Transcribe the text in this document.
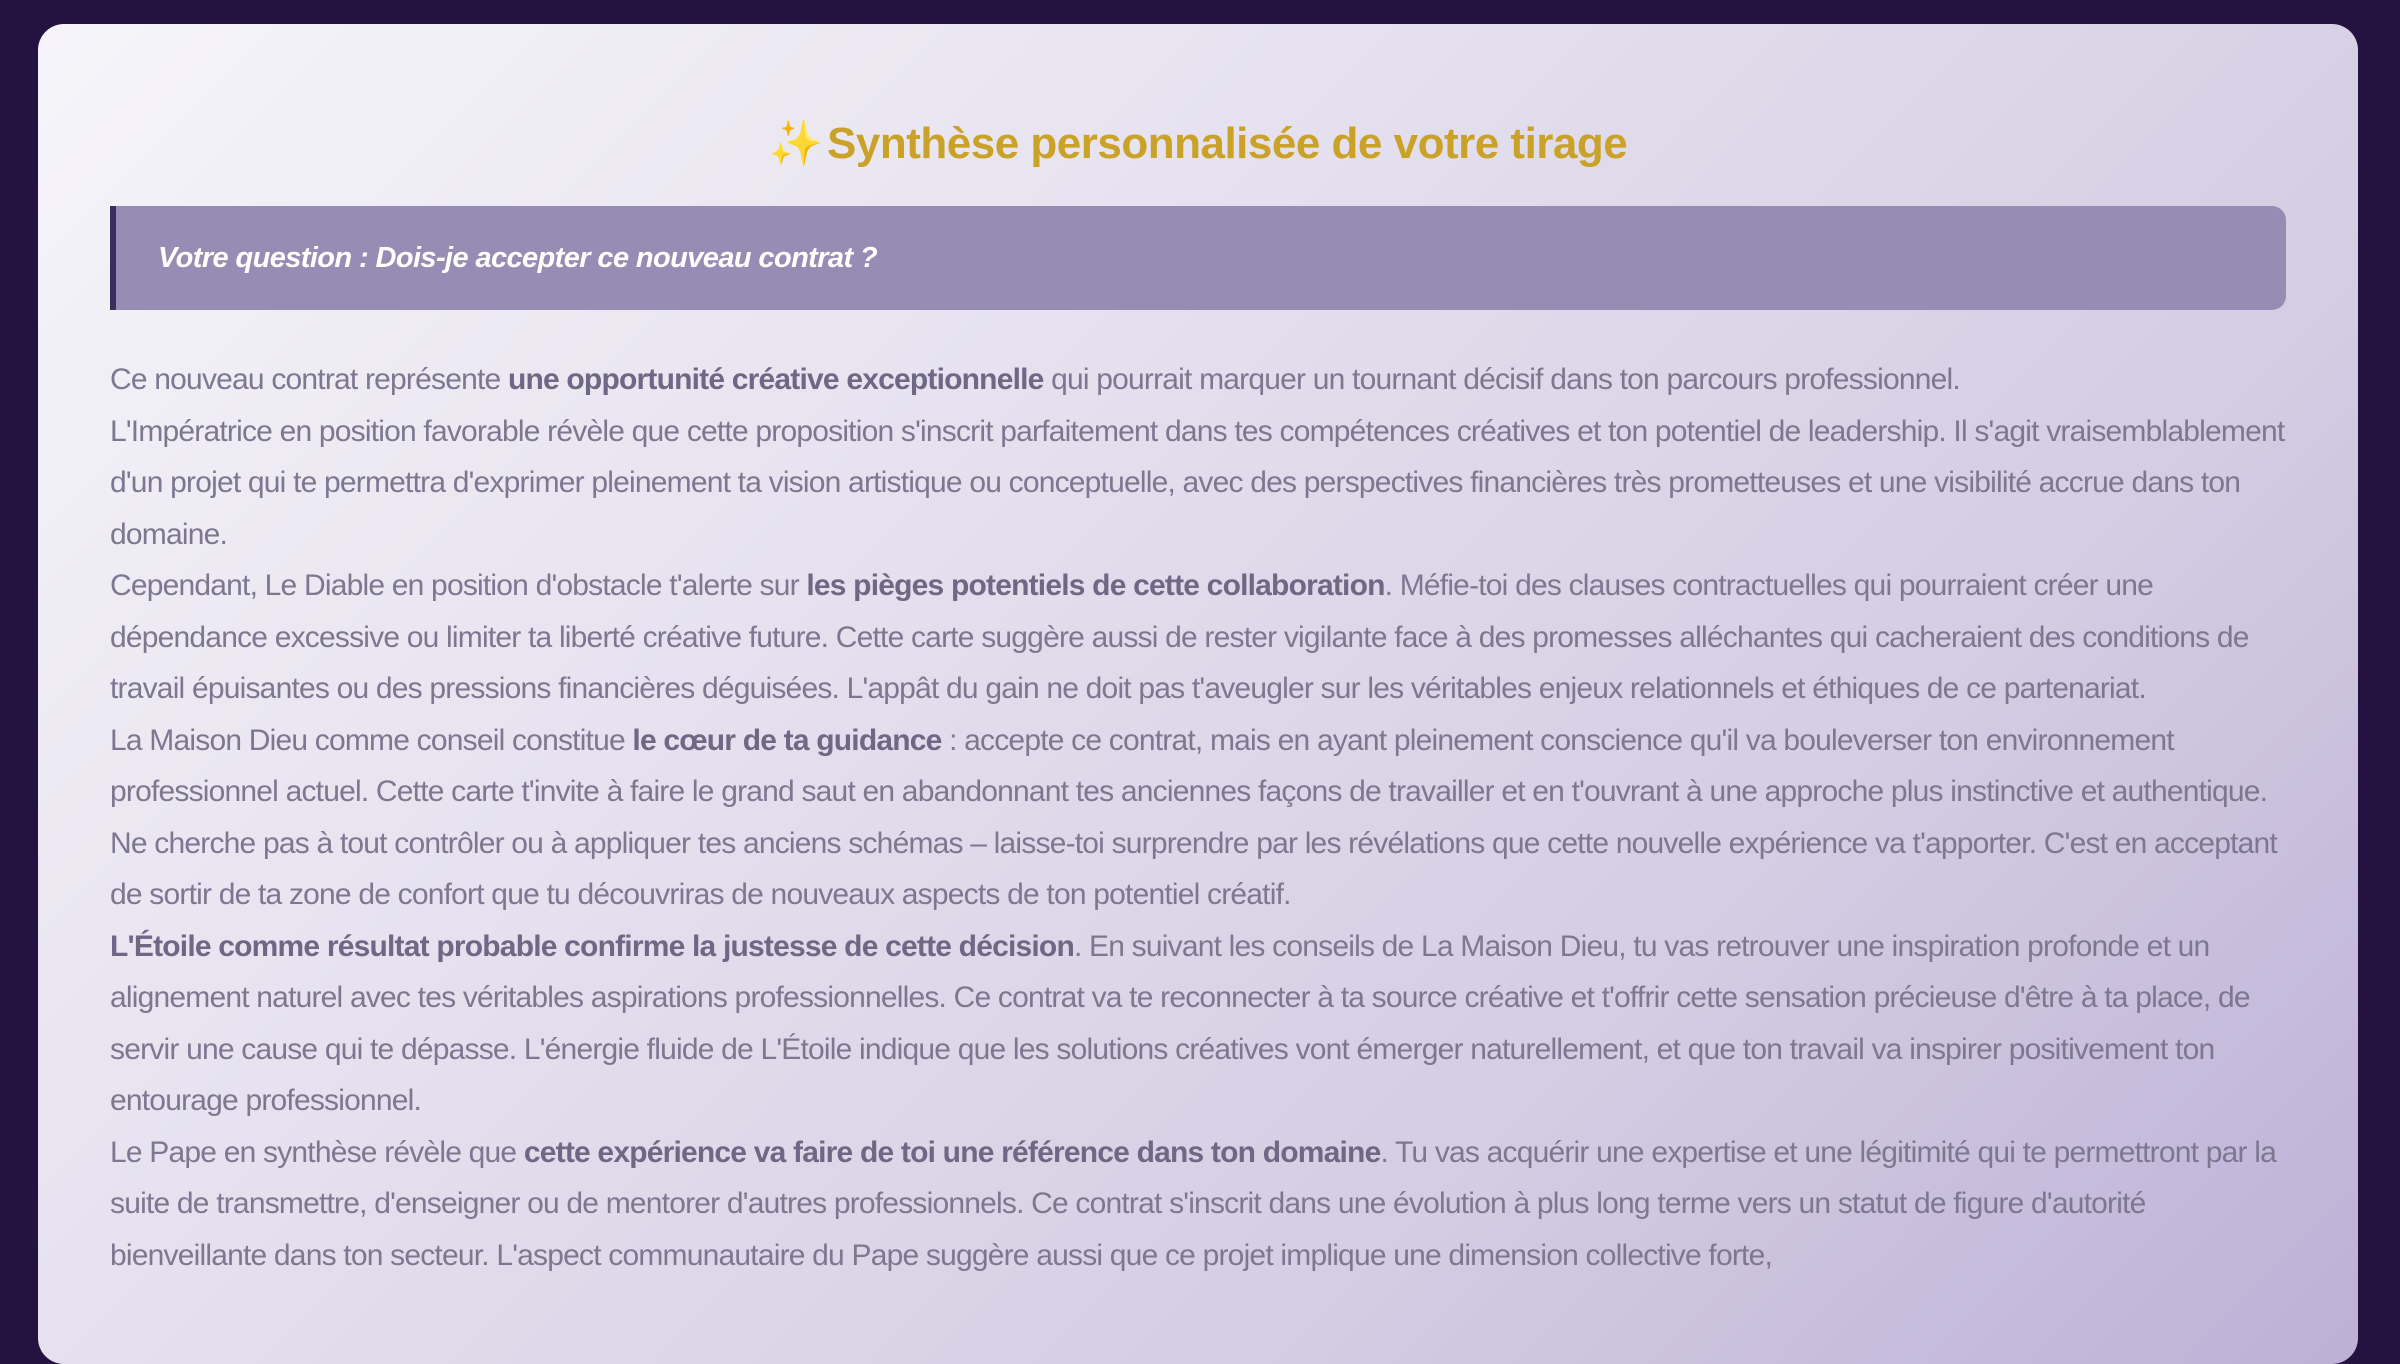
✨Synthèse personnalisée de votre tirage
Votre question : Dois-je accepter ce nouveau contrat ?

Ce nouveau contrat représente une opportunité créative exceptionnelle qui pourrait marquer un tournant décisif dans ton parcours professionnel.

L'Impératrice en position favorable révèle que cette proposition s'inscrit parfaitement dans tes compétences créatives et ton potentiel de leadership. Il s'agit vraisemblablement d'un projet qui te permettra d'exprimer pleinement ta vision artistique ou conceptuelle, avec des perspectives financières très prometteuses et une visibilité accrue dans ton domaine.

Cependant, Le Diable en position d'obstacle t'alerte sur les pièges potentiels de cette collaboration. Méfie-toi des clauses contractuelles qui pourraient créer une dépendance excessive ou limiter ta liberté créative future. Cette carte suggère aussi de rester vigilante face à des promesses alléchantes qui cacheraient des conditions de travail épuisantes ou des pressions financières déguisées. L'appât du gain ne doit pas t'aveugler sur les véritables enjeux relationnels et éthiques de ce partenariat.

La Maison Dieu comme conseil constitue le cœur de ta guidance : accepte ce contrat, mais en ayant pleinement conscience qu'il va bouleverser ton environnement professionnel actuel. Cette carte t'invite à faire le grand saut en abandonnant tes anciennes façons de travailler et en t'ouvrant à une approche plus instinctive et authentique. Ne cherche pas à tout contrôler ou à appliquer tes anciens schémas – laisse-toi surprendre par les révélations que cette nouvelle expérience va t'apporter. C'est en acceptant de sortir de ta zone de confort que tu découvriras de nouveaux aspects de ton potentiel créatif.

L'Étoile comme résultat probable confirme la justesse de cette décision. En suivant les conseils de La Maison Dieu, tu vas retrouver une inspiration profonde et un alignement naturel avec tes véritables aspirations professionnelles. Ce contrat va te reconnecter à ta source créative et t'offrir cette sensation précieuse d'être à ta place, de servir une cause qui te dépasse. L'énergie fluide de L'Étoile indique que les solutions créatives vont émerger naturellement, et que ton travail va inspirer positivement ton entourage professionnel.

Le Pape en synthèse révèle que cette expérience va faire de toi une référence dans ton domaine. Tu vas acquérir une expertise et une légitimité qui te permettront par la suite de transmettre, d'enseigner ou de mentorer d'autres professionnels. Ce contrat s'inscrit dans une évolution à plus long terme vers un statut de figure d'autorité bienveillante dans ton secteur. L'aspect communautaire du Pape suggère aussi que ce projet implique une dimension collective forte,
